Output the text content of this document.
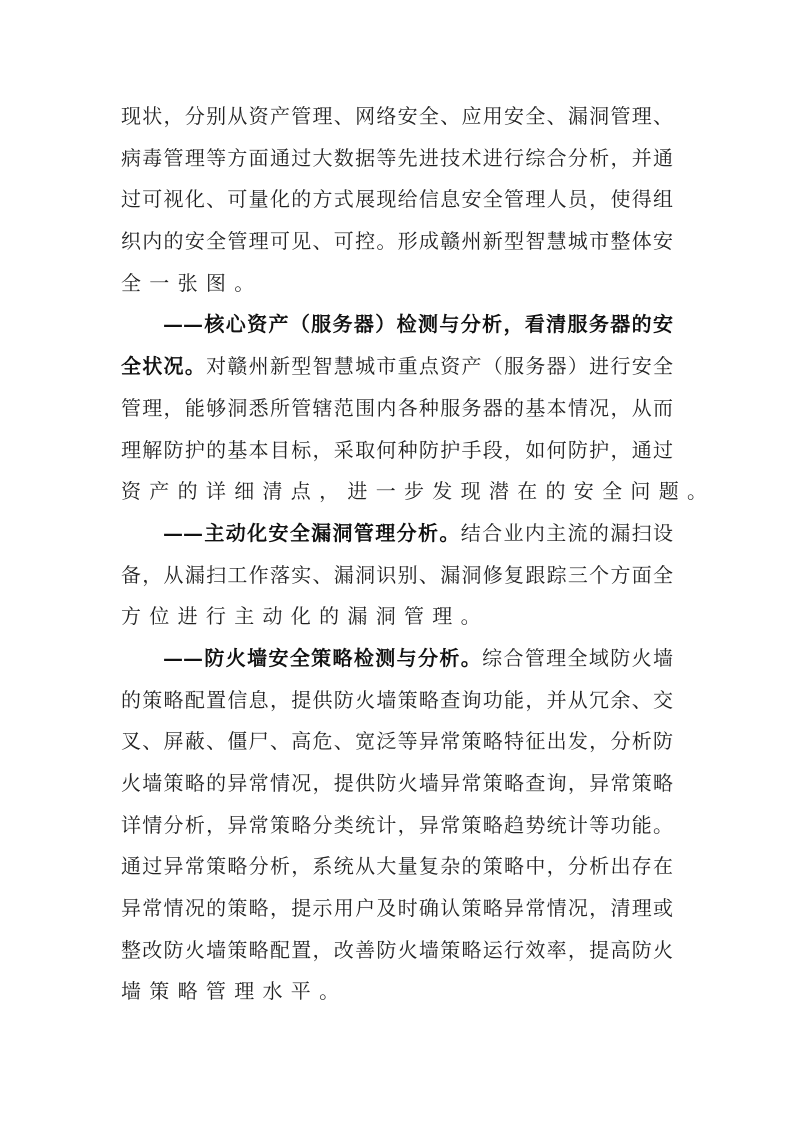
现状，分别从资产管理、网络安全、应用安全、漏洞管理、
病毒管理等方面通过大数据等先进技术进行综合分析，并通
过可视化、可量化的方式展现给信息安全管理人员，使得组
织内的安全管理可见、可控。形成赣州新型智慧城市整体安
全一张图。
——核心资产（服务器）检测与分析，看清服务器的安
全状况。对赣州新型智慧城市重点资产（服务器）进行安全
管理，能够洞悉所管辖范围内各种服务器的基本情况，从而
理解防护的基本目标，采取何种防护手段，如何防护，通过
资产的详细清点，进一步发现潜在的安全问题。
——主动化安全漏洞管理分析。结合业内主流的漏扫设
备，从漏扫工作落实、漏洞识别、漏洞修复跟踪三个方面全
方位进行主动化的漏洞管理。
——防火墙安全策略检测与分析。综合管理全域防火墙
的策略配置信息，提供防火墙策略查询功能，并从冗余、交
叉、屏蔽、僵尸、高危、宽泛等异常策略特征出发，分析防
火墙策略的异常情况，提供防火墙异常策略查询，异常策略
详情分析，异常策略分类统计，异常策略趋势统计等功能。
通过异常策略分析，系统从大量复杂的策略中，分析出存在
异常情况的策略，提示用户及时确认策略异常情况，清理或
整改防火墙策略配置，改善防火墙策略运行效率，提高防火
墙策略管理水平。
